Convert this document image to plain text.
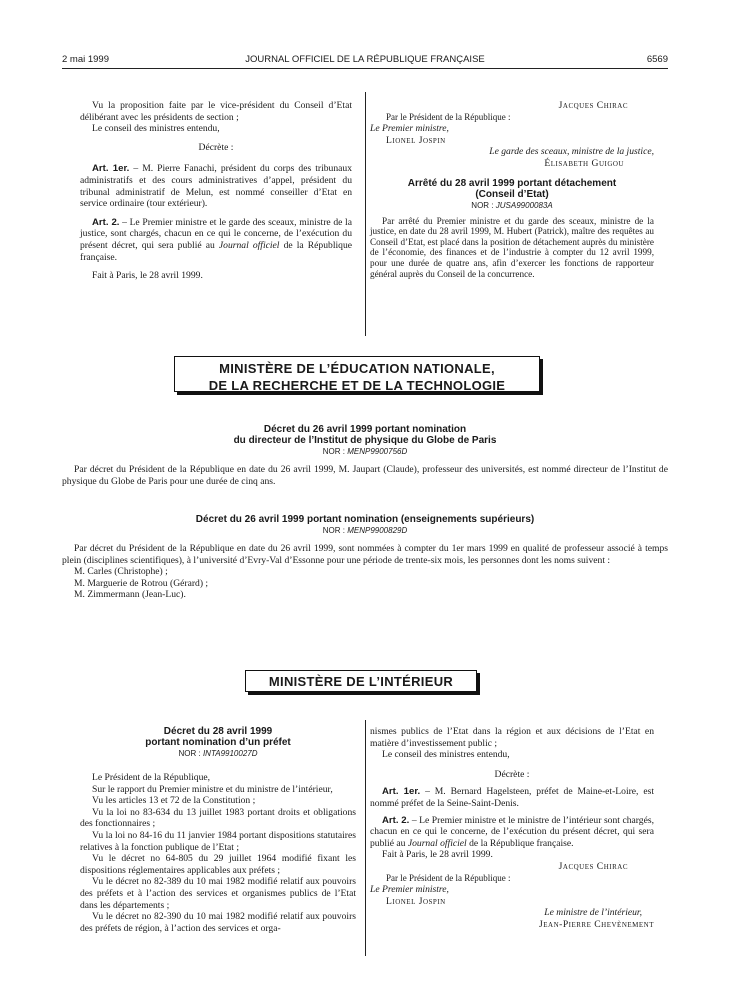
2 mai 1999	JOURNAL OFFICIEL DE LA RÉPUBLIQUE FRANÇAISE	6569

Vu la proposition faite par le vice-président du Conseil d’Etat délibérant avec les présidents de section ;

Le conseil des ministres entendu,

Décrète :

Art. 1er. – M. Pierre Fanachi, président du corps des tribunaux administratifs et des cours administratives d’appel, président du tribunal administratif de Melun, est nommé conseiller d’Etat en service ordinaire (tour extérieur).

Art. 2. – Le Premier ministre et le garde des sceaux, ministre de la justice, sont chargés, chacun en ce qui le concerne, de l’exécution du présent décret, qui sera publié au Journal officiel de la République française.

Fait à Paris, le 28 avril 1999.

Jacques Chirac

Par le Président de la République :

Le Premier ministre,

Lionel Jospin

Le garde des sceaux, ministre de la justice,

Élisabeth Guigou

Arrêté du 28 avril 1999 portant détachement

(Conseil d’Etat)

NOR : JUSA9900083A

Par arrêté du Premier ministre et du garde des sceaux, ministre de la justice, en date du 28 avril 1999, M. Hubert (Patrick), maître des requêtes au Conseil d’Etat, est placé dans la position de détachement auprès du ministère de l’économie, des finances et de l’industrie à compter du 12 avril 1999, pour une durée de quatre ans, afin d’exercer les fonctions de rapporteur général auprès du Conseil de la concurrence.

MINISTÈRE DE L’ÉDUCATION NATIONALE,
DE LA RECHERCHE ET DE LA TECHNOLOGIE

Décret du 26 avril 1999 portant nomination

du directeur de l’Institut de physique du Globe de Paris

NOR : MENP9900756D

Par décret du Président de la République en date du 26 avril 1999, M. Jaupart (Claude), professeur des universités, est nommé directeur de l’Institut de physique du Globe de Paris pour une durée de cinq ans.

Décret du 26 avril 1999 portant nomination (enseignements supérieurs)

NOR : MENP9900829D

Par décret du Président de la République en date du 26 avril 1999, sont nommées à compter du 1er mars 1999 en qualité de professeur associé à temps plein (disciplines scientifiques), à l’université d’Evry-Val d’Essonne pour une période de trente-six mois, les personnes dont les noms suivent :

M. Carles (Christophe) ;

M. Marguerie de Rotrou (Gérard) ;

M. Zimmermann (Jean-Luc).

MINISTÈRE DE L’INTÉRIEUR

Décret du 28 avril 1999

portant nomination d’un préfet

NOR : INTA9910027D

Le Président de la République,

Sur le rapport du Premier ministre et du ministre de l’intérieur,

Vu les articles 13 et 72 de la Constitution ;

Vu la loi no 83-634 du 13 juillet 1983 portant droits et obligations des fonctionnaires ;

Vu la loi no 84-16 du 11 janvier 1984 portant dispositions statutaires relatives à la fonction publique de l’Etat ;

Vu le décret no 64-805 du 29 juillet 1964 modifié fixant les dispositions réglementaires applicables aux préfets ;

Vu le décret no 82-389 du 10 mai 1982 modifié relatif aux pouvoirs des préfets et à l’action des services et organismes publics de l’Etat dans les départements ;

Vu le décret no 82-390 du 10 mai 1982 modifié relatif aux pouvoirs des préfets de région, à l’action des services et orga-

nismes publics de l’Etat dans la région et aux décisions de l’Etat en matière d’investissement public ;

Le conseil des ministres entendu,

Décrète :

Art. 1er. – M. Bernard Hagelsteen, préfet de Maine-et-Loire, est nommé préfet de la Seine-Saint-Denis.

Art. 2. – Le Premier ministre et le ministre de l’intérieur sont chargés, chacun en ce qui le concerne, de l’exécution du présent décret, qui sera publié au Journal officiel de la République française.

Fait à Paris, le 28 avril 1999.

Jacques Chirac

Par le Président de la République :

Le Premier ministre,

Lionel Jospin

Le ministre de l’intérieur,

Jean-Pierre Chevènement
